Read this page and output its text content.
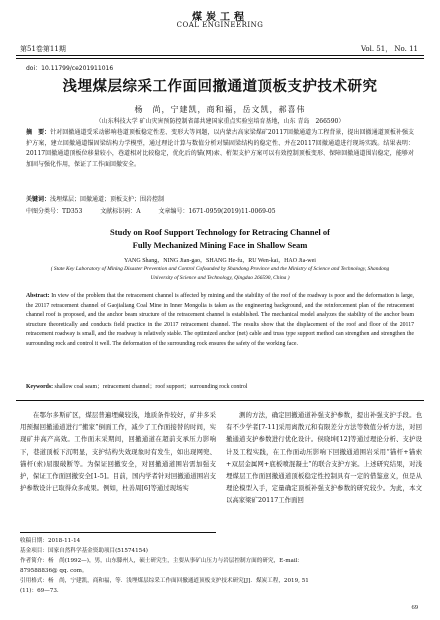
煤炭工程
COAL ENGINEERING
第51卷第11期	Vol. 51， No. 11
doi：10.11799/ce201911016
浅埋煤层综采工作面回撤通道顶板支护技术研究
杨　尚，宁建凯，商和福，岳文凯，郝喜伟
（山东科技大学 矿山灾害预防控制省部共建国家重点实验室培育基地，山东 青岛　266590）
摘　要：针对回撤通道受采动影响巷道顶板稳定性差、变形大等问题，以内蒙古高家梁煤矿20117回撤通道为工程背景，提出回撤通道顶板补强支护方案，建立回撤通道锚固梁结构力学模型，通过理论计算与数值分析对锚固梁结构的稳定性、并在20117回撤通道进行现场实践。结果表明：20117回撤通道顶板位移量较小，巷道相对比较稳定，优化后的锚(网)索、桁架支护方案可以有效控制顶板变形、保障回撤通道围岩稳定，能够对加固与强化作用，保证了工作面回撤安全。
关键词：浅埋煤层；回撤通道；顶板支护；围岩控制
中图分类号：TD353	文献标识码：A	文章编号：1671-0959(2019)11-0069-05
Study on Roof Support Technology for Retracing Channel of
Fully Mechanized Mining Face in Shallow Seam
YANG Shang，NING Jian-gao，SHANG He-fu，RU Wen-kai，HAO Jia-wei
( State Key Laboratory of Mining Disaster Prevention and Control Cofounded by Shandong Province and the Ministry of Science and Technology, Shandong University of Science and Technology, Qingdao 266590, China )
Abstract: In view of the problem that the retracement channel is affected by mining and the stability of the roof of the roadway is poor and the deformation is large, the 20117 retracement channel of Gaojialiang Coal Mine in Inner Mongolia is taken as the engineering background, and the reinforcement plan of the retracement channel roof is proposed, and the anchor beam structure of the retracement channel is established. The mechanical model analyzes the stability of the anchor beam structure theoretically and conducts field practice in the 20117 retracement channel. The results show that the displacement of the roof and floor of the 20117 retracement roadway is small, and the roadway is relatively stable. The optimized anchor (net) cable and truss type support method can strengthen and strengthen the surrounding rock and control it well. The deformation of the surrounding rock ensures the safety of the working face.
Keywords: shallow coal seam；retracement channel；roof support；surrounding rock control
在鄂尔多斯矿区，煤层普遍埋藏较浅，地质条件较好，矿井多采用预掘回撤通道进行“搬家”倒面工作，减少了工作面接替的时间，实现矿井高产高效。工作面末采期间，回撤通道在超前支承压力影响下，巷道顶板下沉明显，支护结构失效现象时有发生，如出现网兜、锚杆(索)屈服破断等。为保证回撤安全，对回撤通道围岩需加强支护，保证工作面回撤安全[1-5]。目前，国内学者针对回撤通道围岩支护参数设计已取得众多成果。例如，杜善周[6]等通过现场实
测的方法，确定回撤通道补强支护参数，提出补强支护手段。也有不少学者[7-11]采用离散元和有限差分方法等数值分析方法，对回撤通道支护参数进行优化设计。侯晓坤[12]等通过理论分析、支护设计及工程实践，在工作面动压影响下回撤通道围岩采用“锚杆+锚索+双层金属网+底板喷混凝土”的联合支护方案。上述研究结果，对浅埋煤层工作面回撤通道顶板稳定性控制具有一定的借鉴意义，但是从理论模型入手，定量确定顶板补强支护参数的研究较少。为此，本文以高家梁矿20117工作面回
收稿日期：2018-11-14
基金项目：国家自然科学基金资助项目(51574154)
作者简介：杨　尚(1992—)，男，山东滕州人，硕士研究生，主要从事矿山压力与岩层控制方面的研究，E-mail：
879588836@ qq. com。
引用格式：杨　尚，宁建凯，商和福，等．浅埋煤层综采工作面回撤通道顶板支护技术研究[J]．煤炭工程，2019, 51
(11)：69—73.
69
